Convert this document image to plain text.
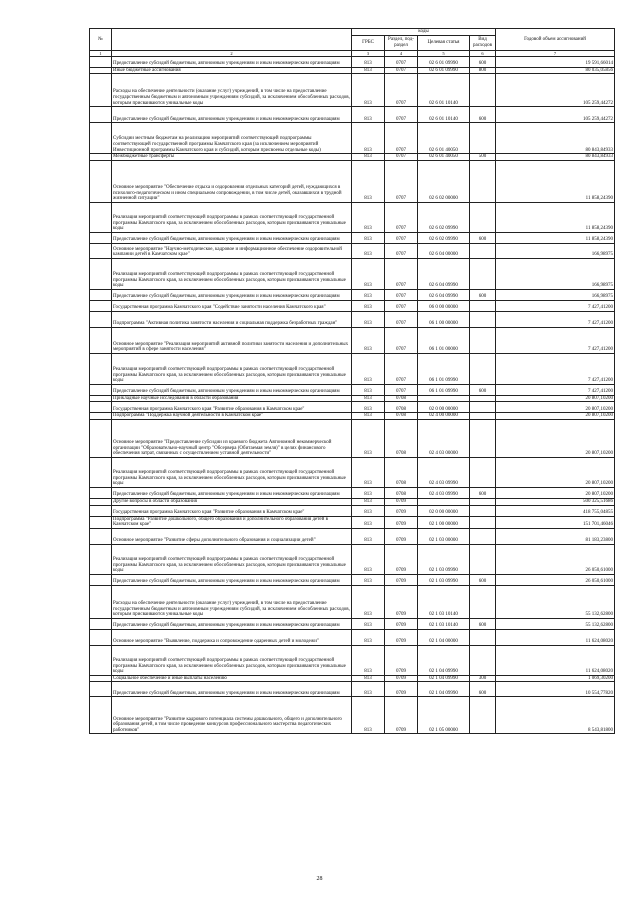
№		коды				Годовой объем ассигнований
		ГРБС	Раздел, под-раздел	Целевая статья	Вид расходов	
1	2	3	4	5	6	7
	Предоставление субсидий бюджетным, автономным учреждениям и иным некоммерческим организациям	813	0707	02 6 01 09990	600	19 591,66014
	Иные бюджетные ассигнования	813	0707	02 6 01 09990	800	80 035,05856
	Расходы на обеспечение деятельности (оказание услуг) учреждений, в том числе на предоставление государственным бюджетным и автономным учреждениям субсидий, за исключением обособленных расходов, которым присваиваются уникальные коды	813	0707	02 6 01 10140		105 259,44272
	Предоставление субсидий бюджетным, автономным учреждениям и иным некоммерческим организациям	813	0707	02 6 01 10140	600	105 259,44272
	Субсидии местным бюджетам на реализацию мероприятий соответствующей подпрограммы соответствующей государственной программы Камчатского края (за исключением мероприятий Инвестиционной программы Камчатского края и субсидий, которым присвоены отдельные коды)	813	0707	02 6 01 40050		80 843,84933
	Межбюджетные трансферты	813	0707	02 6 01 40050	500	80 843,84933
	Основное мероприятие "Обеспечение отдыха и оздоровления отдельных категорий детей, нуждающихся в психолого-педагогическом и ином специальном сопровождении, в том числе детей, оказавшихся в трудной жизненной ситуации"	813	0707	02 6 02 00000		11 858,24390
	Реализация мероприятий соответствующей подпрограммы в рамках соответствующей государственной программы Камчатского края, за исключением обособленных расходов, которым присваиваются уникальные коды	813	0707	02 6 02 09990		11 858,24390
	Предоставление субсидий бюджетным, автономным учреждениям и иным некоммерческим организациям	813	0707	02 6 02 09990	600	11 858,24390
	Основное мероприятие "Научно-методическое, кадровое и информационное обеспечение оздоровительной кампании детей в Камчатском крае"	813	0707	02 6 04 00000		166,98975
	Реализация мероприятий соответствующей подпрограммы в рамках соответствующей государственной программы Камчатского края, за исключением обособленных расходов, которым присваиваются уникальные коды	813	0707	02 6 04 09990		166,98975
	Предоставление субсидий бюджетным, автономным учреждениям и иным некоммерческим организациям	813	0707	02 6 04 09990	600	166,98975
	Государственная программа Камчатского края "Содействие занятости населения Камчатского края"	813	0707	06 0 00 00000		7 427,41200
	Подпрограмма "Активная политика занятости населения и социальная поддержка безработных граждан"	813	0707	06 1 00 00000		7 427,41200
	Основное мероприятие "Реализация мероприятий активной политики занятости населения и дополнительных мероприятий в сфере занятости населения"	813	0707	06 1 01 00000		7 427,41200
	Реализация мероприятий соответствующей подпрограммы в рамках соответствующей государственной программы Камчатского края, за исключением обособленных расходов, которым присваиваются уникальные коды	813	0707	06 1 01 09990		7 427,41200
	Предоставление субсидий бюджетным, автономным учреждениям и иным некоммерческим организациям	813	0707	06 1 01 09990	600	7 427,41200
	Прикладные научные исследования в области образования	813	0708			20 807,10200
	Государственная программа Камчатского края "Развитие образования в Камчатском крае"	813	0708	02 0 00 00000		20 807,10200
	Подпрограмма "Поддержка научной деятельности в Камчатском крае"	813	0708	02 4 00 00000		20 807,10200
	Основное мероприятие "Предоставление субсидии из краевого бюджета Автономной некоммерческой организации "Образовательно-научный центр "Обсервера (Обитаемая земля)" в целях финансового обеспечения затрат, связанных с осуществлением уставной деятельности"	813	0708	02 4 03 00000		20 807,10200
	Реализация мероприятий соответствующей подпрограммы в рамках соответствующей государственной программы Камчатского края, за исключением обособленных расходов, которым присваиваются уникальные коды	813	0708	02 4 03 09990		20 807,10200
	Предоставление субсидий бюджетным, автономным учреждениям и иным некоммерческим организациям	813	0708	02 4 03 09990	600	20 807,10200
	Другие вопросы в области образования	813	0709			500 325,51686
	Государственная программа Камчатского края "Развитие образования в Камчатском крае"	813	0709	02 0 00 00000		418 755,04855
	Подпрограмма "Развитие дошкольного, общего образования и дополнительного образования детей в Камчатском крае"	813	0709	02 1 00 00000		151 701,46046
	Основное мероприятие "Развитие сферы дополнительного образования и социализации детей"	813	0709	02 1 03 00000		81 183,23800
	Реализация мероприятий соответствующей подпрограммы в рамках соответствующей государственной программы Камчатского края, за исключением обособленных расходов, которым присваиваются уникальные коды	813	0709	02 1 03 09990		26 050,61000
	Предоставление субсидий бюджетным, автономным учреждениям и иным некоммерческим организациям	813	0709	02 1 03 09990	600	26 050,61000
	Расходы на обеспечение деятельности (оказание услуг) учреждений, в том числе на предоставление государственным бюджетным и автономным учреждениям субсидий, за исключением обособленных расходов, которым присваиваются уникальные коды	813	0709	02 1 03 10140		55 132,62800
	Предоставление субсидий бюджетным, автономным учреждениям и иным некоммерческим организациям	813	0709	02 1 03 10140	600	55 132,62800
	Основное мероприятие "Выявление, поддержка и сопровождение одаренных детей и молодежи"	813	0709	02 1 04 00000		11 624,08020
	Реализация мероприятий соответствующей подпрограммы в рамках соответствующей государственной программы Камчатского края, за исключением обособленных расходов, которым присваиваются уникальные коды	813	0709	02 1 04 09990		11 624,08020
	Социальное обеспечение и иные выплаты населению	813	0709	02 1 04 09990	300	1 069,30200
	Предоставление субсидий бюджетным, автономным учреждениям и иным некоммерческим организациям	813	0709	02 1 04 09990	600	10 554,77820
	Основное мероприятие "Развитие кадрового потенциала системы дошкольного, общего и дополнительного образования детей, в том числе проведение конкурсов профессионального мастерства педагогических работников"	813	0709	02 1 05 00000		8 543,81800
28
